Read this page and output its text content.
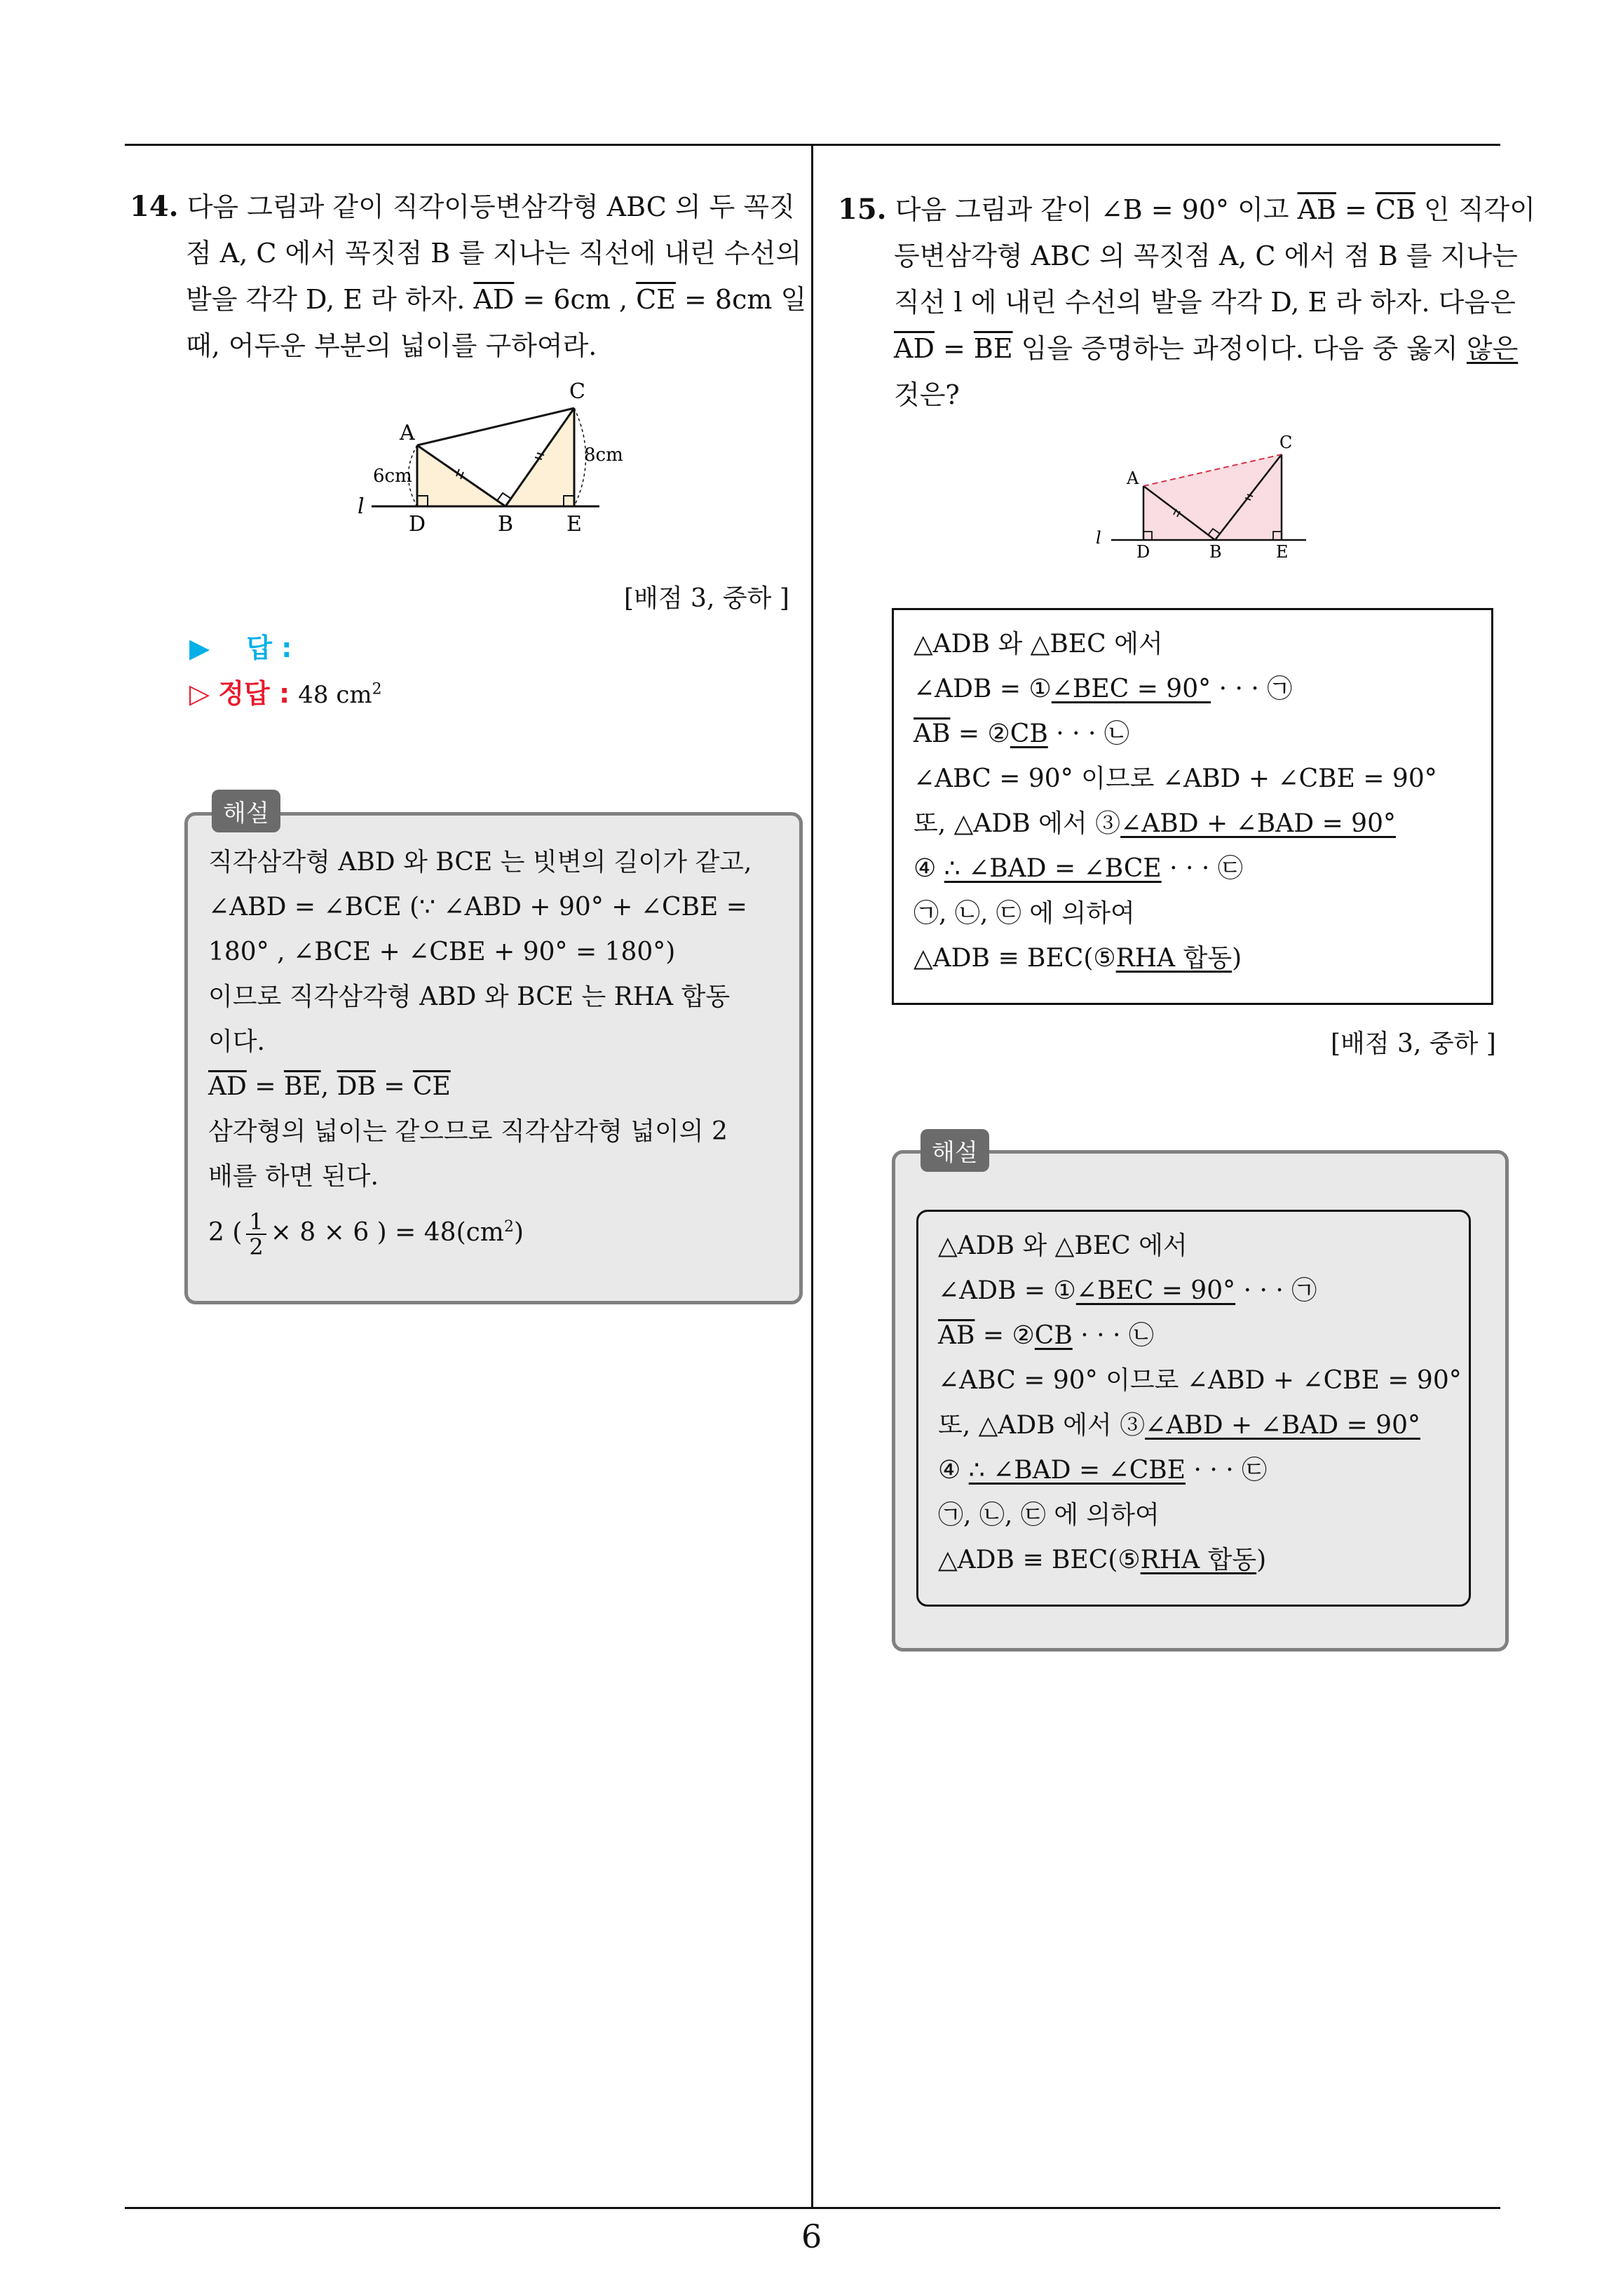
6
14. 다음 그림과 같이 직각이등변삼각형 ABC 의 두 꼭짓
점 A, C 에서 꼭짓점 B 를 지나는 직선에 내린 수선의
발을 각각 D, E 라 하자. $\overline{AD} = 6cm$ , $\overline{CE} = 8cm$ 일
때, 어두운 부분의 넓이를 구하여라.
A
C
D	B	E
l
6cm
8cm
[배점 3, 중하 ]
▶ 답 :
▷ 정답 : 48 $cm^2$
해설
직각삼각형 ABD 와 BCE 는 빗변의 길이가 같고,
∠ABD = ∠BCE (∵ ∠ABD + 90° + ∠CBE =
180° , ∠BCE + ∠CBE + 90° = 180°)
이므로 직각삼각형 ABD 와 BCE 는 RHA 합동
이다.
$\overline{AD} = \overline{BE}$, $\overline{DB} = \overline{CE}$
삼각형의 넓이는 같으므로 직각삼각형 넓이의 2
배를 하면 된다.
2 ( $\frac{1}{2} \times 8 \times 6$ ) = $48(cm^2)$
15. 다음 그림과 같이 ∠B = 90° 이고 $\overline{AB} = \overline{CB}$ 인 직각이
등변삼각형 ABC 의 꼭짓점 A, C 에서 점 B 를 지나는
직선 l 에 내린 수선의 발을 각각 D, E 라 하자. 다음은
$\overline{AD} = \overline{BE}$ 임을 증명하는 과정이다. 다음 중 옳지 않은
것은?
A
C
D	B	E
l
△ADB 와 △BEC 에서
∠ADB = ①∠BEC = 90° · · · ㉠
$\overline{AB}$ = ②CB · · · ㉡
∠ABC = 90° 이므로 ∠ABD + ∠CBE = 90°
또, △ADB 에서 ③∠ABD + ∠BAD = 90°
④ ∴ ∠BAD = ∠BCE · · · ㉢
㉠, ㉡, ㉢ 에 의하여
△ADB ≡ BEC(⑤RHA 합동)
[배점 3, 중하 ]
해설
△ADB 와 △BEC 에서
∠ADB = ①∠BEC = 90° · · · ㉠
$\overline{AB}$ = ②CB · · · ㉡
∠ABC = 90° 이므로 ∠ABD + ∠CBE = 90°
또, △ADB 에서 ③∠ABD + ∠BAD = 90°
④ ∴ ∠BAD = ∠CBE · · · ㉢
㉠, ㉡, ㉢ 에 의하여
△ADB ≡ BEC(⑤RHA 합동)
